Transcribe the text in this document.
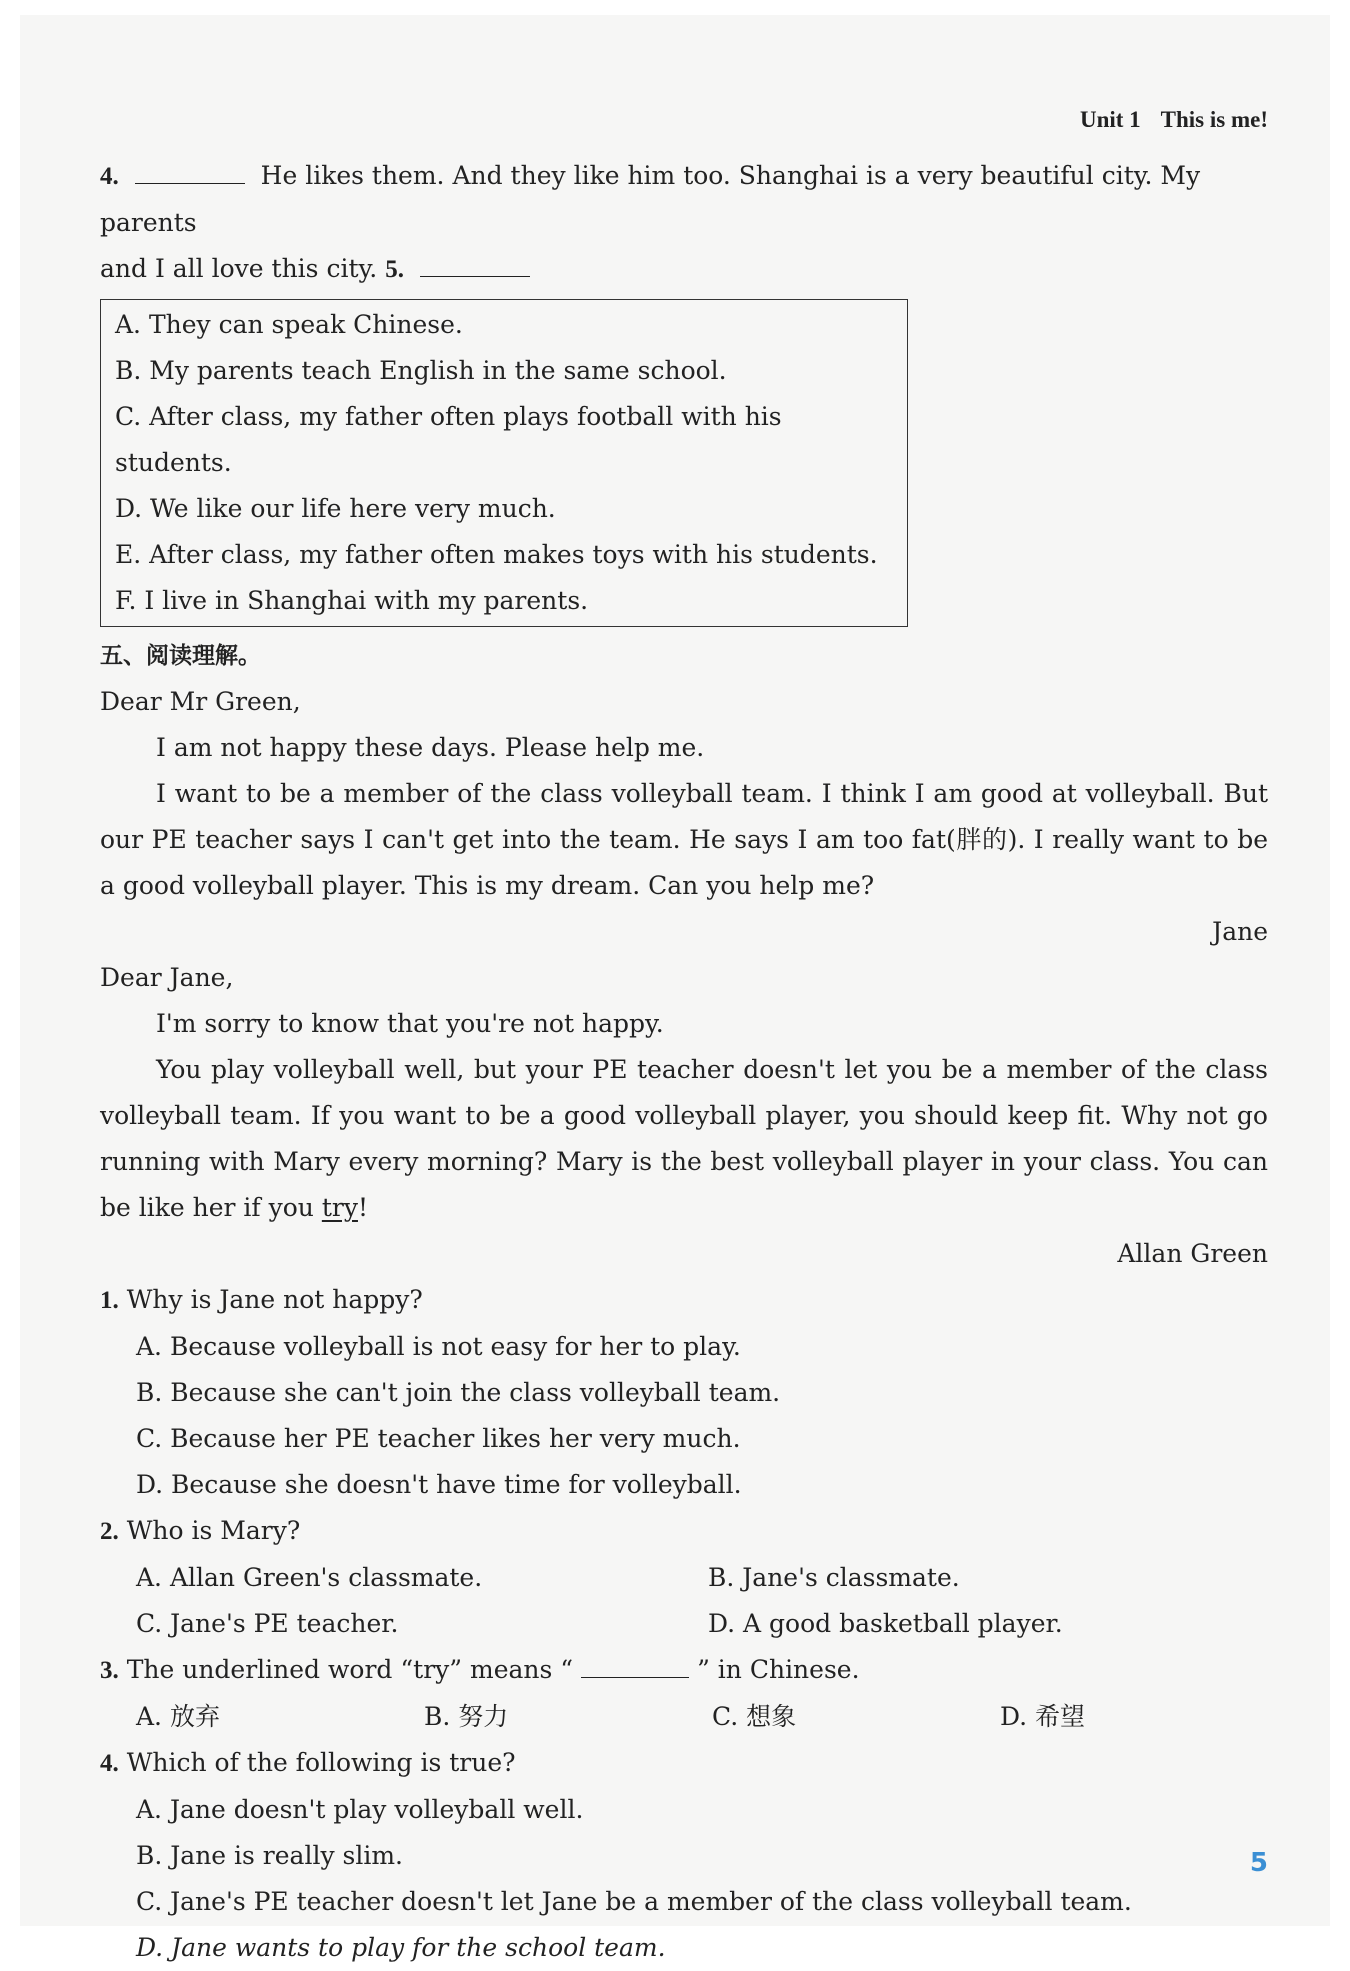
Unit 1 This is me!

4.	He likes them. And they like him too. Shanghai is a very beautiful city. My parents

and I all love this city. 5.

A. They can speak Chinese.
B. My parents teach English in the same school.
C. After class, my father often plays football with his students.
D. We like our life here very much.
E. After class, my father often makes toys with his students.
F. I live in Shanghai with my parents.
五、阅读理解。

Dear Mr Green,

I am not happy these days. Please help me.

I want to be a member of the class volleyball team. I think I am good at volleyball. But our PE teacher says I can't get into the team. He says I am too fat(胖的). I really want to be a good volleyball player. This is my dream. Can you help me?

Jane

Dear Jane,

I'm sorry to know that you're not happy.

You play volleyball well, but your PE teacher doesn't let you be a member of the class volleyball team. If you want to be a good volleyball player, you should keep fit. Why not go running with Mary every morning? Mary is the best volleyball player in your class. You can be like her if you try!

Allan Green

1. Why is Jane not happy?

A. Because volleyball is not easy for her to play.

B. Because she can't join the class volleyball team.

C. Because her PE teacher likes her very much.

D. Because she doesn't have time for volleyball.

2. Who is Mary?

A. Allan Green's classmate.	B. Jane's classmate.
C. Jane's PE teacher.	D. A good basketball player.

3. The underlined word “try” means “	” in Chinese.

A. 放弃	B. 努力	C. 想象	D. 希望

4. Which of the following is true?

A. Jane doesn't play volleyball well.

B. Jane is really slim.

C. Jane's PE teacher doesn't let Jane be a member of the class volleyball team.

D. Jane wants to play for the school team.

5
